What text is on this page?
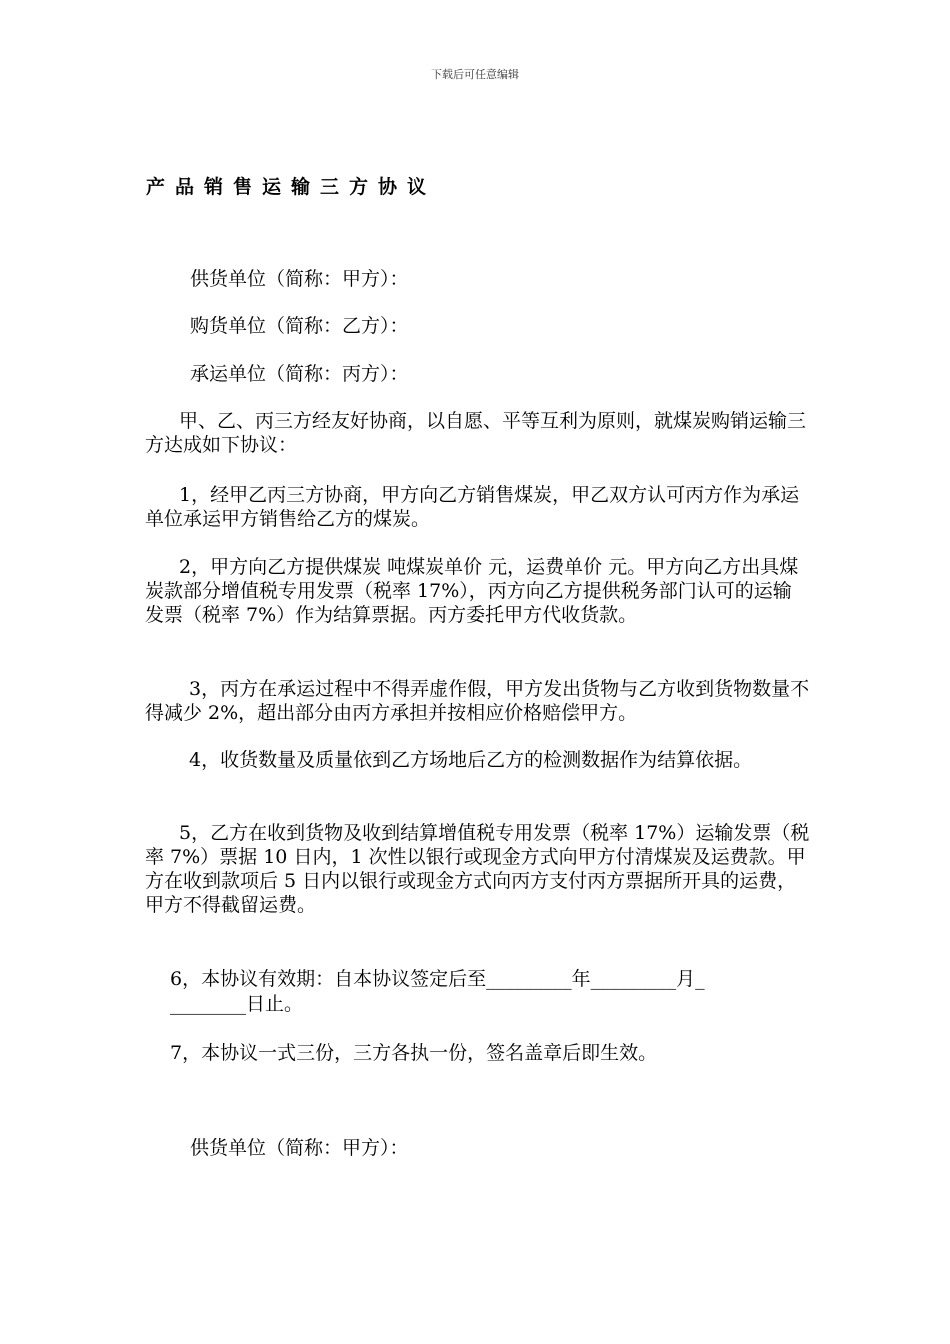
下载后可任意编辑
产品销售运输三方协议
供货单位（简称：甲方）：
购货单位（简称：乙方）：
承运单位（简称：丙方）：
甲、乙、丙三方经友好协商，以自愿、平等互利为原则，就煤炭购销运输三方达成如下协议：
1，经甲乙丙三方协商，甲方向乙方销售煤炭，甲乙双方认可丙方作为承运单位承运甲方销售给乙方的煤炭。
2，甲方向乙方提供煤炭 吨煤炭单价 元，运费单价 元。甲方向乙方出具煤炭款部分增值税专用发票（税率 17%），丙方向乙方提供税务部门认可的运输发票（税率 7%）作为结算票据。丙方委托甲方代收货款。
3，丙方在承运过程中不得弄虚作假，甲方发出货物与乙方收到货物数量不得减少 2%，超出部分由丙方承担并按相应价格赔偿甲方。
4，收货数量及质量依到乙方场地后乙方的检测数据作为结算依据。
5，乙方在收到货物及收到结算增值税专用发票（税率 17%）运输发票（税率 7%）票据 10 日内，1 次性以银行或现金方式向甲方付清煤炭及运费款。甲方在收到款项后 5 日内以银行或现金方式向丙方支付丙方票据所开具的运费，甲方不得截留运费。
6，本协议有效期：自本协议签定后至_________年_________月_
________日止。
7，本协议一式三份，三方各执一份，签名盖章后即生效。
供货单位（简称：甲方）：
